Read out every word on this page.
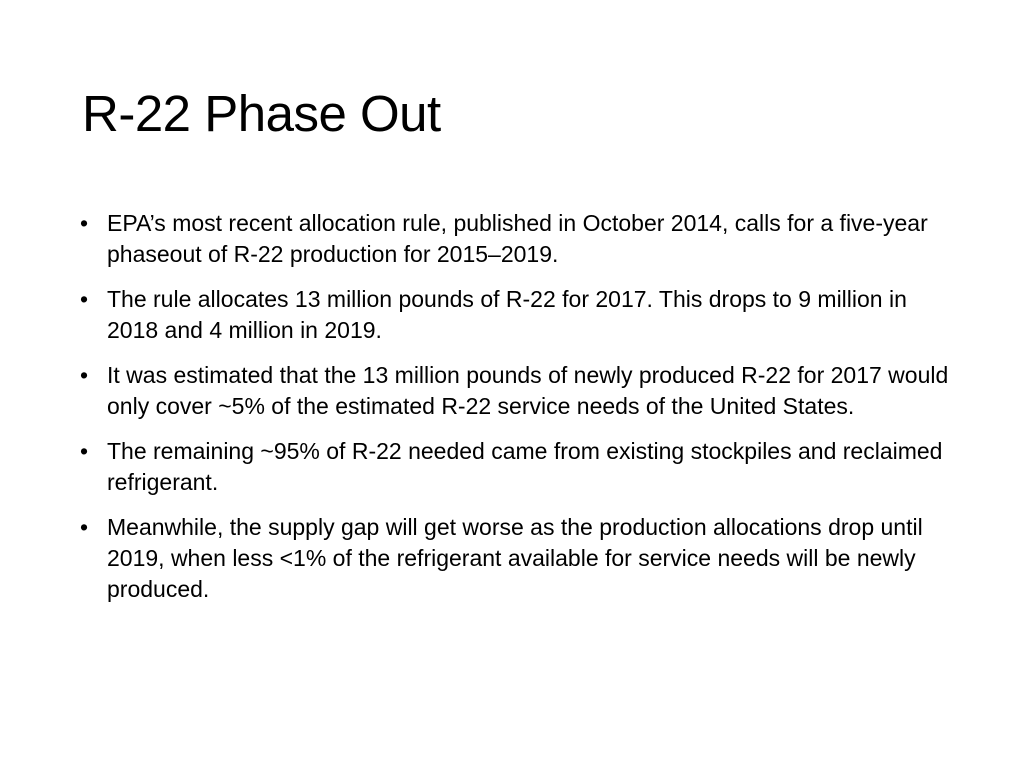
R-22 Phase Out
• EPA’s most recent allocation rule, published in October 2014, calls for a five-year phaseout of R-22 production for 2015–2019.
• The rule allocates 13 million pounds of R-22 for 2017. This drops to 9 million in 2018 and 4 million in 2019.
• It was estimated that the 13 million pounds of newly produced R-22 for 2017 would only cover ~5% of the estimated R-22 service needs of the United States.
• The remaining ~95% of R-22 needed came from existing stockpiles and reclaimed refrigerant.
• Meanwhile, the supply gap will get worse as the production allocations drop until 2019, when less <1% of the refrigerant available for service needs will be newly produced.
